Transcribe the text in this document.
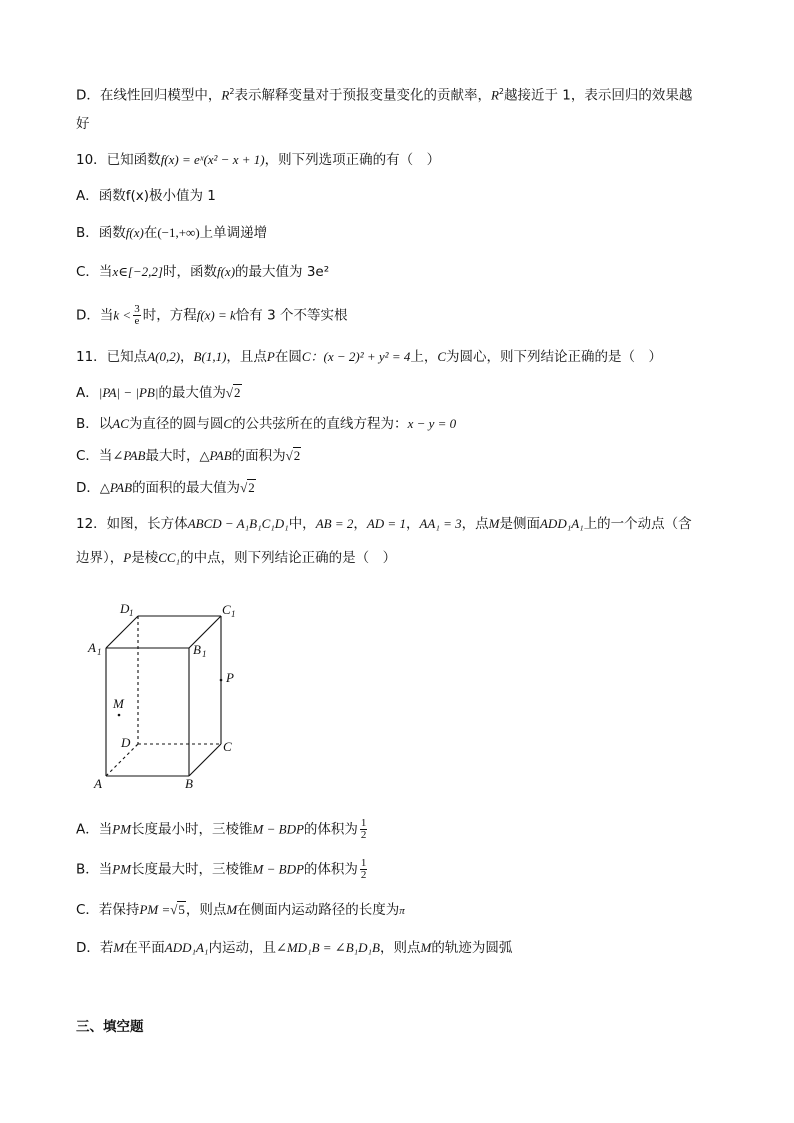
D．在线性回归模型中，$R^2$表示解释变量对于预报变量变化的贡献率，$R^2$越接近于 1，表示回归的效果越
好
10．已知函数f(x) = eˣ(x² − x + 1)，则下列选项正确的有（　）
A．函数f(x)极小值为 1
B．函数f(x)在(−1,+∞)上单调递增
C．当x∈[−2,2]时，函数f(x)的最大值为 3e²
D．当$k < \frac{3}{e}$ 时，方程f(x) = k恰有 3 个不等实根
11．已知点A(0,2)，B(1,1)，且点P在圆C：(x − 2)² + y² = 4上，C为圆心，则下列结论正确的是（　）
A．|PA| − |PB|的最大值为√2
B．以AC为直径的圆与圆C的公共弦所在的直线方程为：x − y = 0
C．当∠PAB最大时，△PAB的面积为√2
D．△PAB的面积的最大值为√2
12．如图，长方体ABCD − A₁B₁C₁D₁中，AB = 2，AD = 1，AA₁ = 3，点M是侧面ADD₁A₁上的一个动点（含
边界），P是棱CC₁的中点，则下列结论正确的是（　）
D 1	C 1
A 1	B 1
P
M
D	C
A	B
A．当PM长度最小时，三棱锥M − BDP的体积为 $\frac{1}{2}$
B．当PM长度最大时，三棱锥M − BDP的体积为 $\frac{1}{2}$
C．若保持PM =√5，则点M在侧面内运动路径的长度为π
D．若M在平面ADD₁A₁内运动，且∠MD₁B = ∠B₁D₁B，则点M的轨迹为圆弧
三、填空题
